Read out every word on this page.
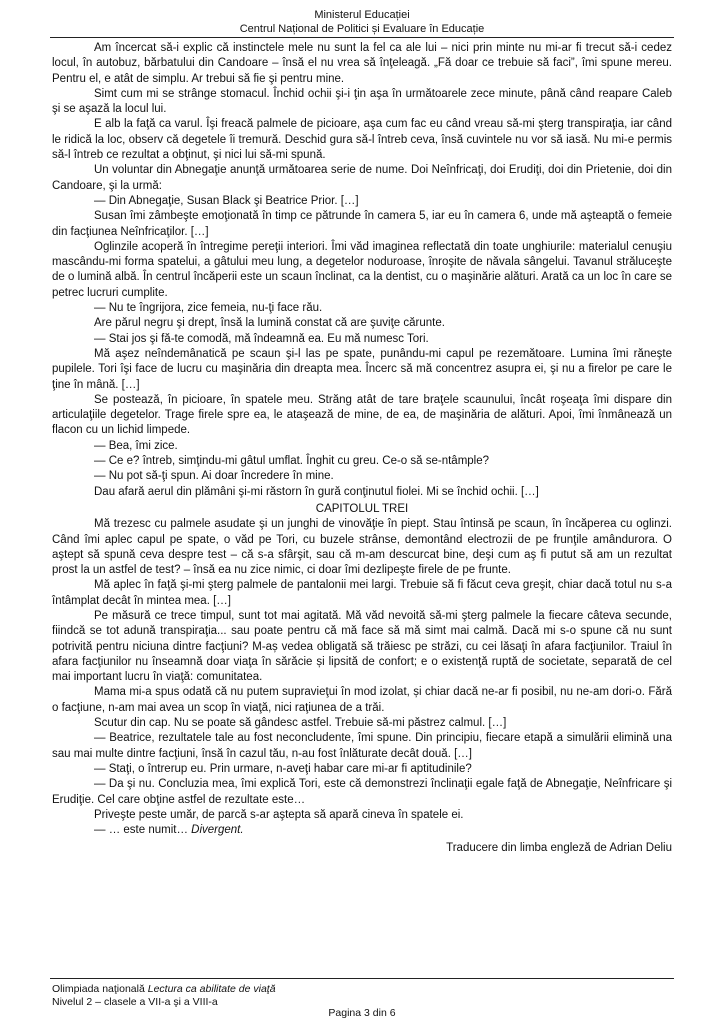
Ministerul Educației
Centrul Național de Politici și Evaluare în Educație

Am încercat să-i explic că instinctele mele nu sunt la fel ca ale lui – nici prin minte nu mi-ar fi trecut să-i cedez locul, în autobuz, bărbatului din Candoare – însă el nu vrea să înţeleagă. „Fă doar ce trebuie să faci”, îmi spune mereu. Pentru el, e atât de simplu. Ar trebui să fie şi pentru mine.

Simt cum mi se strânge stomacul. Închid ochii şi-i ţin aşa în următoarele zece minute, până când reapare Caleb şi se aşază la locul lui.

E alb la faţă ca varul. Îşi freacă palmele de picioare, aşa cum fac eu când vreau să-mi şterg transpiraţia, iar când le ridică la loc, observ că degetele îi tremură. Deschid gura să-l întreb ceva, însă cuvintele nu vor să iasă. Nu mi-e permis să-l întreb ce rezultat a obţinut, şi nici lui să-mi spună.

Un voluntar din Abnegaţie anunţă următoarea serie de nume. Doi Neînfricaţi, doi Erudiţi, doi din Prietenie, doi din Candoare, şi la urmă:

— Din Abnegaţie, Susan Black şi Beatrice Prior. […]

Susan îmi zâmbeşte emoţionată în timp ce pătrunde în camera 5, iar eu în camera 6, unde mă aşteaptă o femeie din facţiunea Neînfricaţilor. […]

Oglinzile acoperă în întregime pereţii interiori. Îmi văd imaginea reflectată din toate unghiurile: materialul cenuşiu mascându-mi forma spatelui, a gâtului meu lung, a degetelor noduroase, înroşite de năvala sângelui. Tavanul străluceşte de o lumină albă. În centrul încăperii este un scaun înclinat, ca la dentist, cu o maşinărie alături. Arată ca un loc în care se petrec lucruri cumplite.

— Nu te îngrijora, zice femeia, nu-ţi face rău.

Are părul negru şi drept, însă la lumină constat că are şuviţe cărunte.

— Stai jos şi fă-te comodă, mă îndeamnă ea. Eu mă numesc Tori.

Mă aşez neîndemânatică pe scaun şi-l las pe spate, punându-mi capul pe rezemătoare. Lumina îmi răneşte pupilele. Tori îşi face de lucru cu maşinăria din dreapta mea. Încerc să mă concentrez asupra ei, şi nu a firelor pe care le ţine în mână. […]

Se postează, în picioare, în spatele meu. Străng atât de tare braţele scaunului, încât roşeaţa îmi dispare din articulaţiile degetelor. Trage firele spre ea, le ataşează de mine, de ea, de maşinăria de alături. Apoi, îmi înmânează un flacon cu un lichid limpede.

— Bea, îmi zice.

— Ce e? întreb, simţindu-mi gâtul umflat. Înghit cu greu. Ce-o să se-ntâmple?

— Nu pot să-ţi spun. Ai doar încredere în mine.

Dau afară aerul din plămâni şi-mi răstorn în gură conţinutul fiolei. Mi se închid ochii. […]

CAPITOLUL TREI

Mă trezesc cu palmele asudate şi un junghi de vinovăţie în piept. Stau întinsă pe scaun, în încăperea cu oglinzi. Când îmi aplec capul pe spate, o văd pe Tori, cu buzele strânse, demontând electrozii de pe frunţile amândurora. O aştept să spună ceva despre test – că s-a sfârşit, sau că m-am descurcat bine, deşi cum aş fi putut să am un rezultat prost la un astfel de test? – însă ea nu zice nimic, ci doar îmi dezlipeşte firele de pe frunte.

Mă aplec în faţă şi-mi şterg palmele de pantalonii mei largi. Trebuie să fi făcut ceva greşit, chiar dacă totul nu s-a întâmplat decât în mintea mea. […]

Pe măsură ce trece timpul, sunt tot mai agitată. Mă văd nevoită să-mi şterg palmele la fiecare câteva secunde, fiindcă se tot adună transpiraţia... sau poate pentru că mă face să mă simt mai calmă. Dacă mi s-o spune că nu sunt potrivită pentru niciuna dintre facţiuni? M-aș vedea obligată să trăiesc pe străzi, cu cei lăsaţi în afara facţiunilor. Traiul în afara facţiunilor nu înseamnă doar viaţa în sărăcie și lipsită de confort; e o existenţă ruptă de societate, separată de cel mai important lucru în viaţă: comunitatea.

Mama mi-a spus odată că nu putem supravieţui în mod izolat, și chiar dacă ne-ar fi posibil, nu ne-am dori-o. Fără o facţiune, n-am mai avea un scop în viaţă, nici raţiunea de a trăi.

Scutur din cap. Nu se poate să gândesc astfel. Trebuie să-mi păstrez calmul. […]

— Beatrice, rezultatele tale au fost neconcludente, îmi spune. Din principiu, fiecare etapă a simulării elimină una sau mai multe dintre facţiuni, însă în cazul tău, n-au fost înlăturate decât două. […]

— Staţi, o întrerup eu. Prin urmare, n-aveţi habar care mi-ar fi aptitudinile?

— Da şi nu. Concluzia mea, îmi explică Tori, este că demonstrezi înclinaţii egale faţă de Abnegaţie, Neînfricare şi Erudiţie. Cel care obţine astfel de rezultate este…

Priveşte peste umăr, de parcă s-ar aştepta să apară cineva în spatele ei.

— … este numit… Divergent.

Traducere din limba engleză de Adrian Deliu

Olimpiada naţională Lectura ca abilitate de viaţă
Nivelul 2 – clasele a VII-a şi a VIII-a
Pagina 3 din 6
